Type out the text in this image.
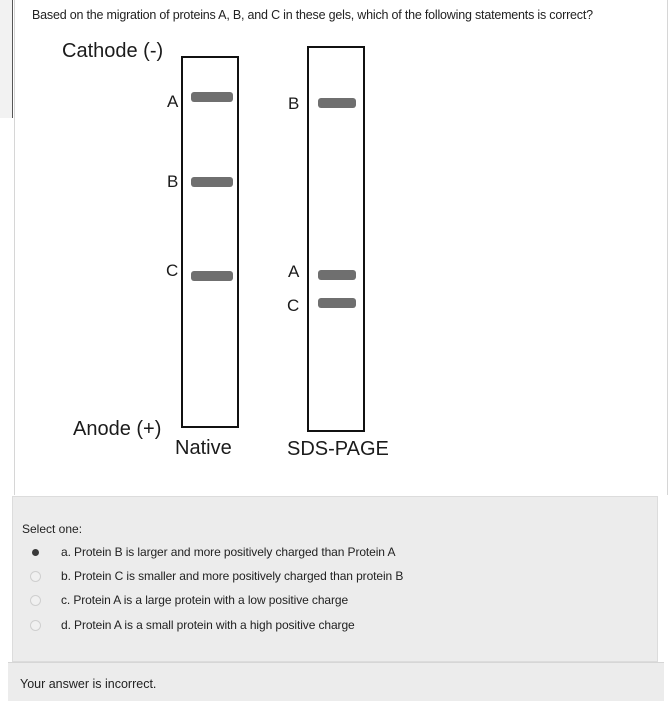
Based on the migration of proteins A, B, and C in these gels, which of the following statements is correct?
Cathode (-)
Anode (+)
A
B
C
Native
B
A
C
SDS-PAGE
Select one:
a. Protein B is larger and more positively charged than Protein A
b. Protein C is smaller and more positively charged than protein B
c. Protein A is a large protein with a low positive charge
d. Protein A is a small protein with a high positive charge
Your answer is incorrect.
